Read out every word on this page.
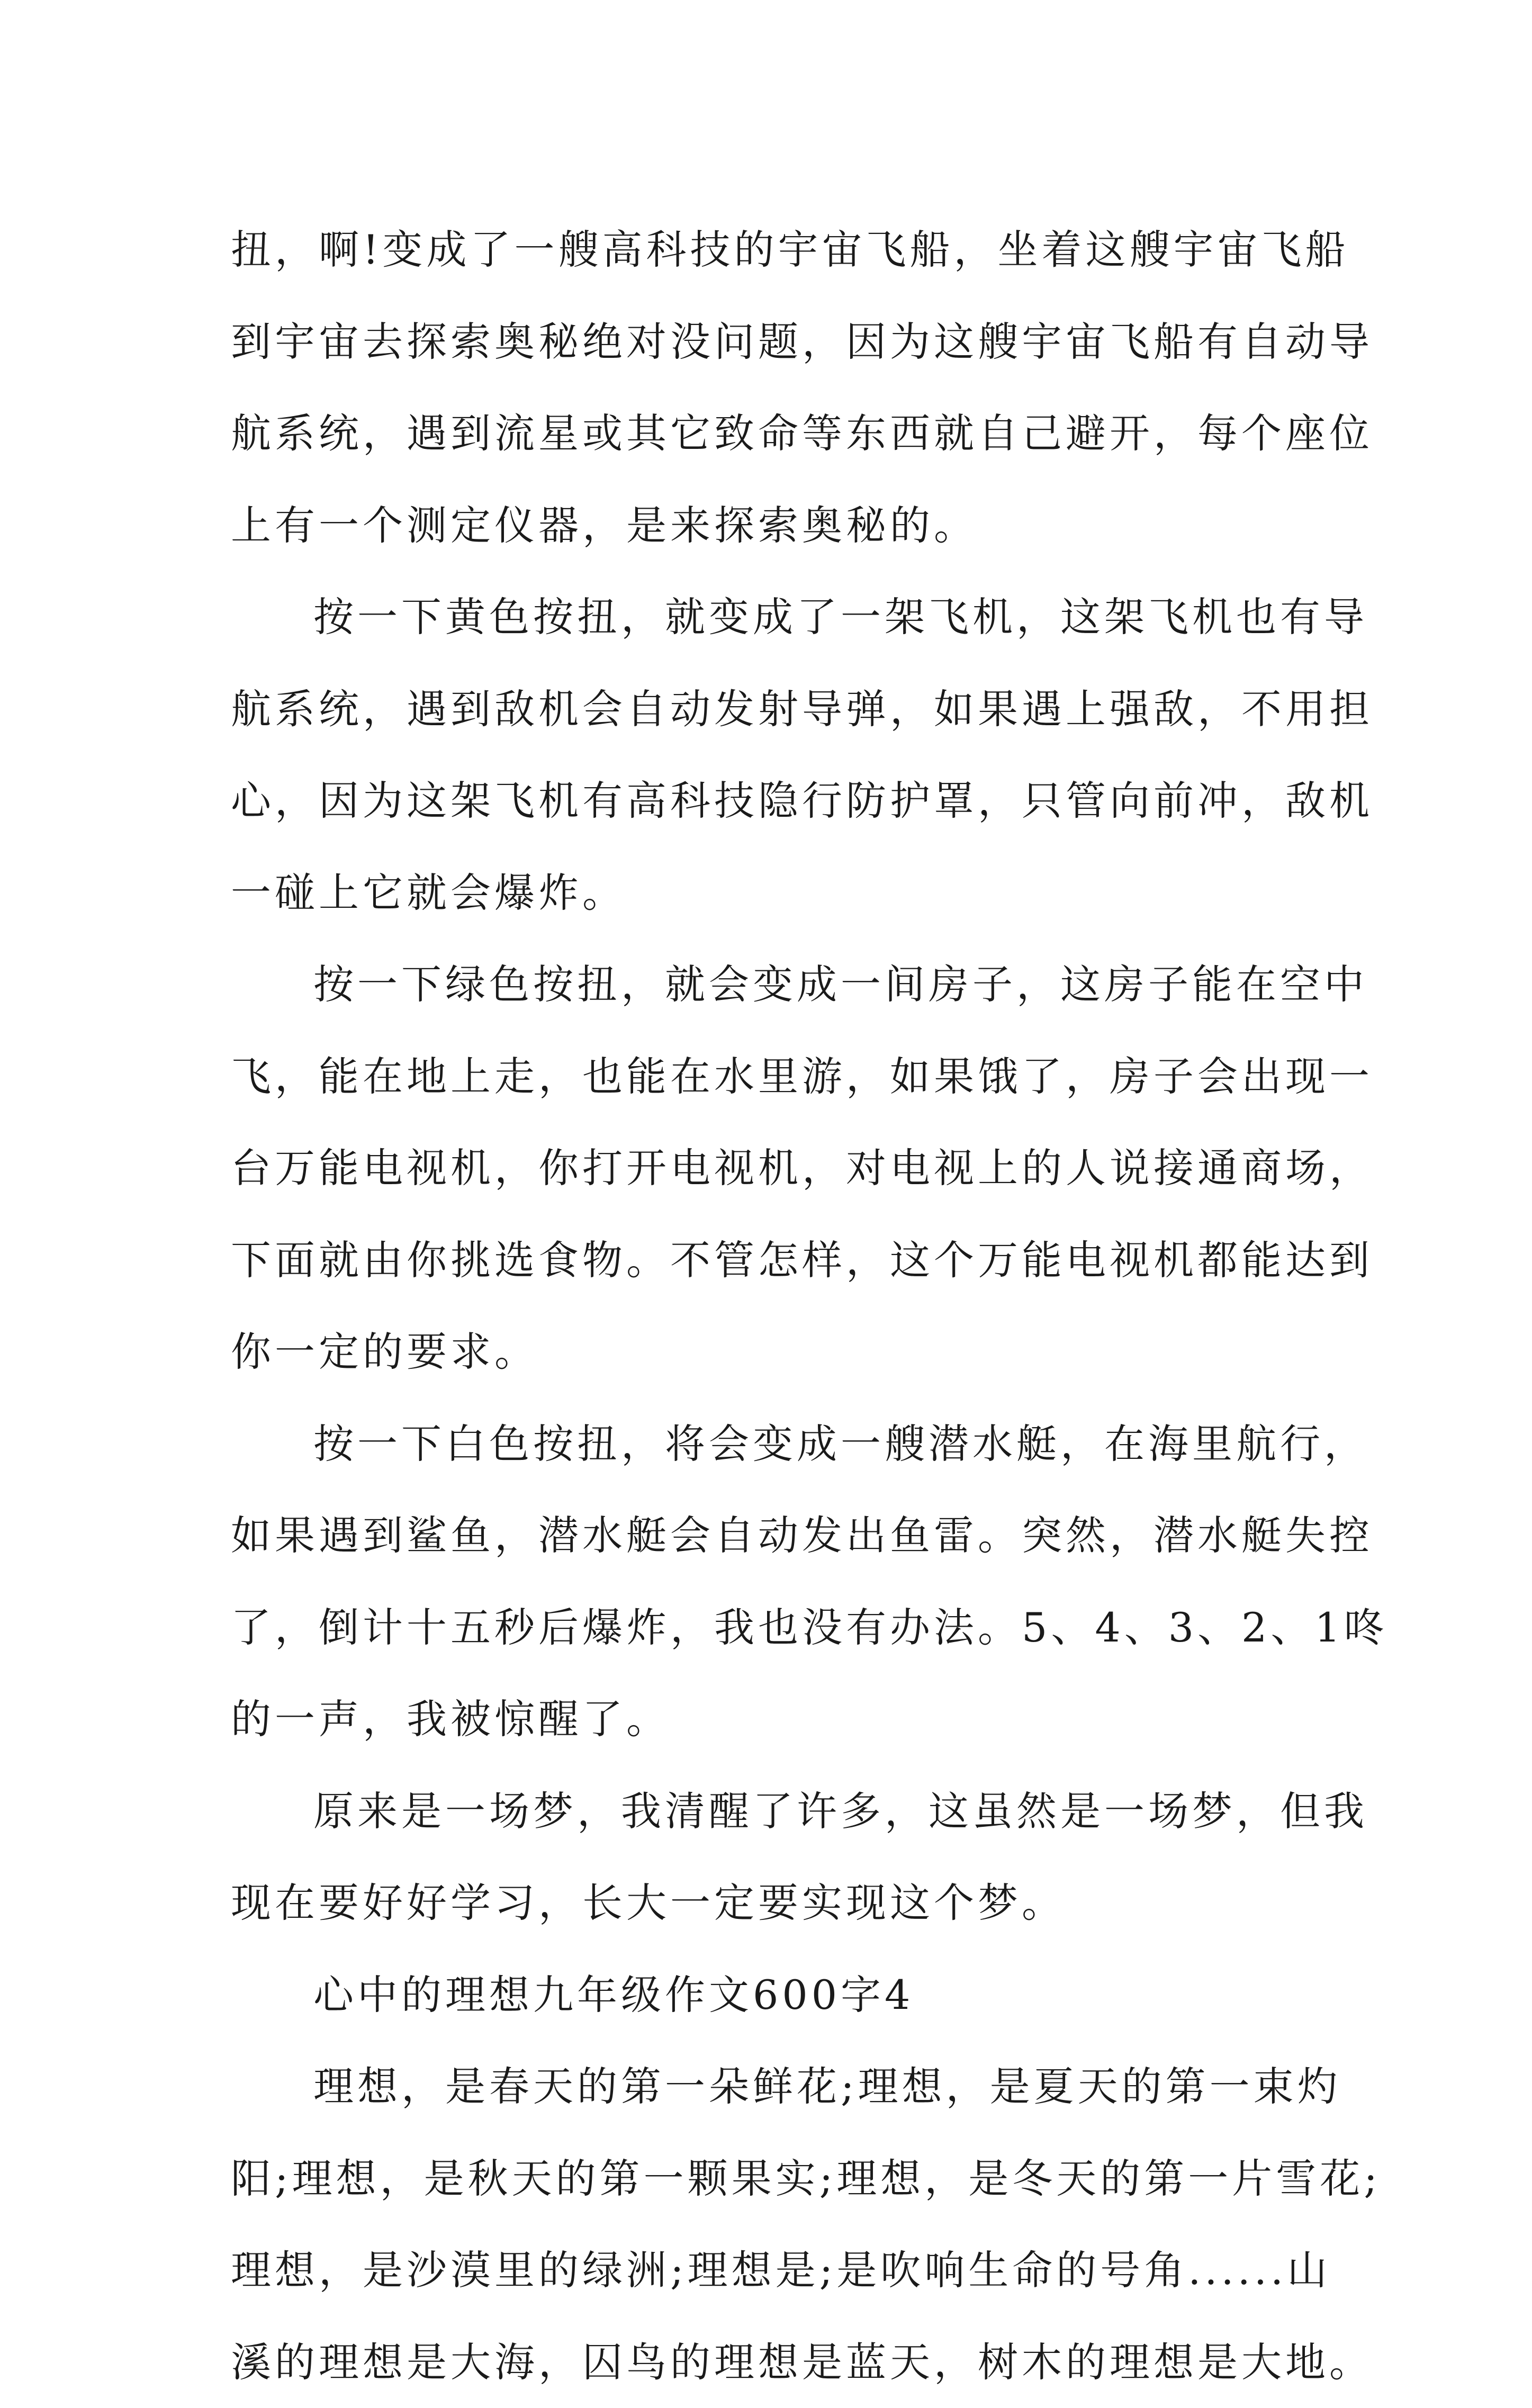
扭，啊!变成了一艘高科技的宇宙飞船，坐着这艘宇宙飞船
到宇宙去探索奥秘绝对没问题，因为这艘宇宙飞船有自动导
航系统，遇到流星或其它致命等东西就自己避开，每个座位
上有一个测定仪器，是来探索奥秘的。
按一下黄色按扭，就变成了一架飞机，这架飞机也有导
航系统，遇到敌机会自动发射导弹，如果遇上强敌，不用担
心，因为这架飞机有高科技隐行防护罩，只管向前冲，敌机
一碰上它就会爆炸。
按一下绿色按扭，就会变成一间房子，这房子能在空中
飞，能在地上走，也能在水里游，如果饿了，房子会出现一
台万能电视机，你打开电视机，对电视上的人说接通商场，
下面就由你挑选食物。不管怎样，这个万能电视机都能达到
你一定的要求。
按一下白色按扭，将会变成一艘潜水艇，在海里航行，
如果遇到鲨鱼，潜水艇会自动发出鱼雷。突然，潜水艇失控
了，倒计十五秒后爆炸，我也没有办法。5、4、3、2、1咚
的一声，我被惊醒了。
原来是一场梦，我清醒了许多，这虽然是一场梦，但我
现在要好好学习，长大一定要实现这个梦。
心中的理想九年级作文600字4
理想，是春天的第一朵鲜花;理想，是夏天的第一束灼
阳;理想，是秋天的第一颗果实;理想，是冬天的第一片雪花;
理想，是沙漠里的绿洲;理想是;是吹响生命的号角......山
溪的理想是大海，囚鸟的理想是蓝天，树木的理想是大地。
